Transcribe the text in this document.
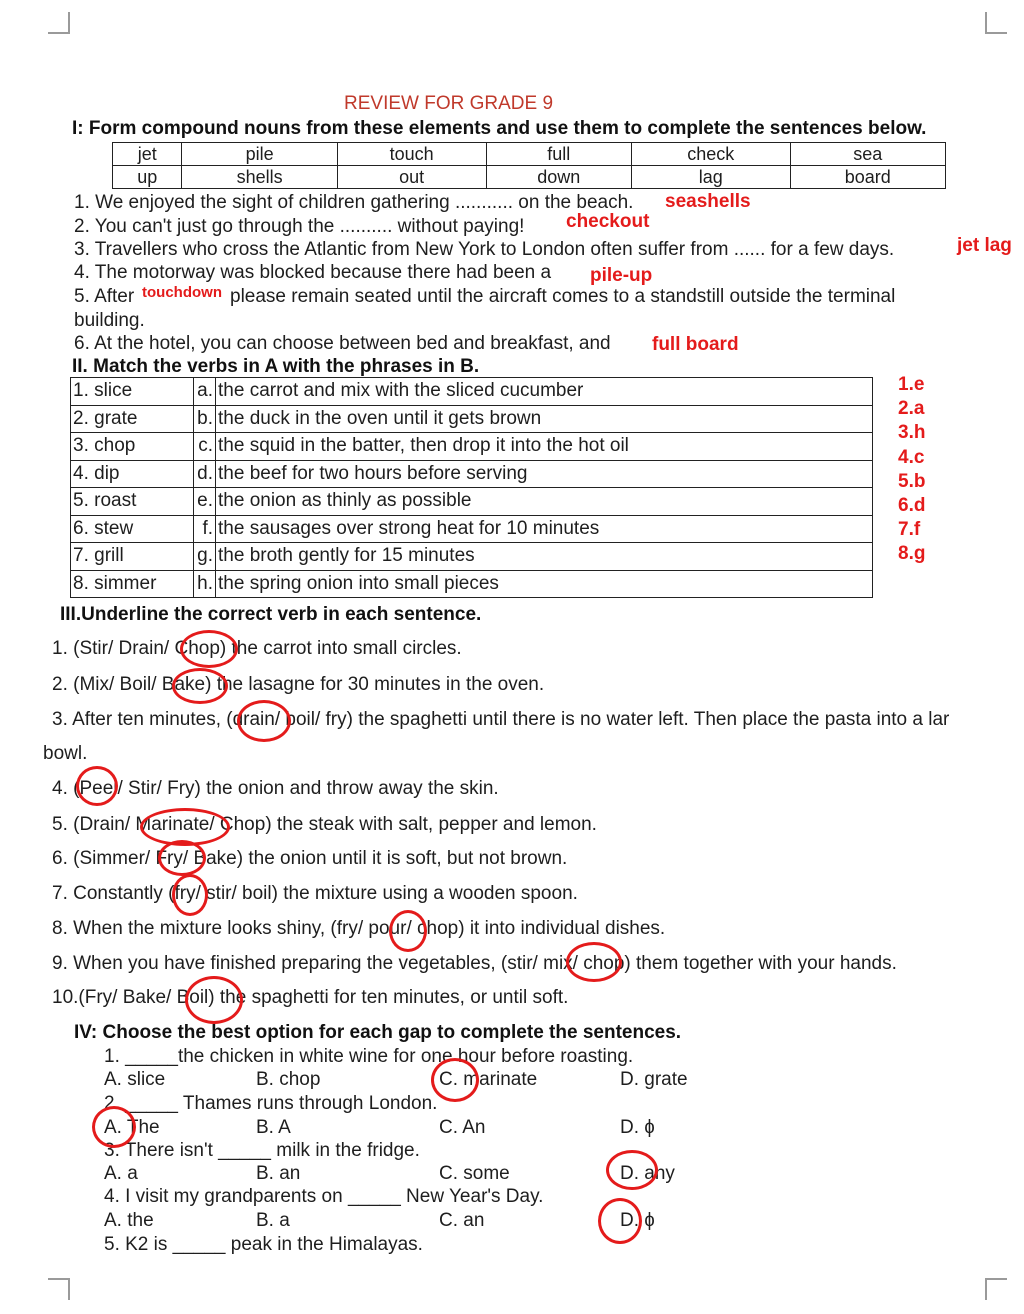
REVIEW FOR GRADE 9
I: Form compound nouns from these elements and use them to complete the sentences below.
jet	pile	touch	full	check	sea
up	shells	out	down	lag	board
1. We enjoyed the sight of children gathering ........... on the beach. seashells
2. You can't just go through the .......... without paying! checkout
3. Travellers who cross the Atlantic from New York to London often suffer from ...... for a few days.	jet lag
4. The motorway was blocked because there had been a pile-up
5. After touchdown please remain seated until the aircraft comes to a standstill outside the terminal
building.
6. At the hotel, you can choose between bed and breakfast, and full board
II. Match the verbs in A with the phrases in B.
1. slice	a.	the carrot and mix with the sliced cucumber
2. grate	b.	the duck in the oven until it gets brown
3. chop	c.	the squid in the batter, then drop it into the hot oil
4. dip	d.	the beef for two hours before serving
5. roast	e.	the onion as thinly as possible
6. stew	f.	the sausages over strong heat for 10 minutes
7. grill	g.	the broth gently for 15 minutes
8. simmer	h.	the spring onion into small pieces
1.e
2.a
3.h
4.c
5.b
6.d
7.f
8.g
III.Underline the correct verb in each sentence.
1. (Stir/ Drain/ Chop) the carrot into small circles.
2. (Mix/ Boil/ Bake) the lasagne for 30 minutes in the oven.
3. After ten minutes, (drain/ boil/ fry) the spaghetti until there is no water left. Then place the pasta into a lar
bowl.
4. (Peel/ Stir/ Fry) the onion and throw away the skin.
5. (Drain/ Marinate/ Chop) the steak with salt, pepper and lemon.
6. (Simmer/ Fry/ Bake) the onion until it is soft, but not brown.
7. Constantly (fry/ stir/ boil) the mixture using a wooden spoon.
8. When the mixture looks shiny, (fry/ pour/ chop) it into individual dishes.
9. When you have finished preparing the vegetables, (stir/ mix/ chop) them together with your hands.
10.(Fry/ Bake/ Boil) the spaghetti for ten minutes, or until soft.
IV: Choose the best option for each gap to complete the sentences.
1. _____the chicken in white wine for one hour before roasting.
A. slice	B. chop	C. marinate	D. grate
2. _____ Thames runs through London.
A. The	B. A	C. An	D. ɸ
3. There isn't _____ milk in the fridge.
A. a	B. an	C. some	D. any
4. I visit my grandparents on _____ New Year's Day.
A. the	B. a	C. an	D. ɸ
5. K2 is _____ peak in the Himalayas.
